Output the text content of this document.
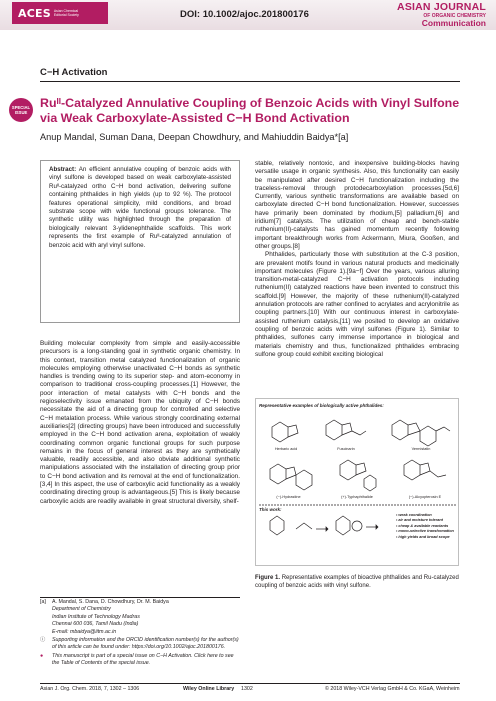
ACES Asian Chemical
Editorial Society	DOI: 10.1002/ajoc.201800176
ASIAN JOURNAL
OF ORGANIC CHEMISTRY
Communication
C−H Activation
SPECIAL
ISSUE
Ruᴵᴵ-Catalyzed Annulative Coupling of Benzoic Acids with Vinyl Sulfone via Weak Carboxylate-Assisted C−H Bond Activation
Anup Mandal, Suman Dana, Deepan Chowdhury, and Mahiuddin Baidya*[a]
Abstract: An efficient annulative coupling of benzoic acids with vinyl sulfone is developed based on weak carboxylate-assisted Ruᴵᴵ-catalyzed ortho C−H bond activation, delivering sulfone containing phthalides in high yields (up to 92 %). The protocol features operational simplicity, mild conditions, and broad substrate scope with wide functional groups tolerance. The synthetic utility was highlighted through the preparation of biologically relevant 3-ylidenephthalide scaffolds. This work represents the first example of Ruᴵᴵ-catalyzed annulation of benzoic acid with aryl vinyl sulfone.
Building molecular complexity from simple and easily-accessible precursors is a long-standing goal in synthetic organic chemistry. In this context, transition metal catalyzed functionalization of organic molecules employing otherwise unactivated C−H bonds as synthetic handles is trending owing to its superior step- and atom-economy in comparison to traditional cross-coupling processes.[1] However, the poor interaction of metal catalysts with C−H bonds and the regioselectivity issue emanated from the ubiquity of C−H bonds necessitate the aid of a directing group for controlled and selective C−H metalation process. While various strongly coordinating external auxiliaries[2] (directing groups) have been introduced and successfully employed in the C−H bond activation arena, exploitation of weakly coordinating common organic functional groups for such purpose remains in the focus of general interest as they are synthetically valuable, readily accessible, and also obviate additional synthetic manipulations associated with the installation of directing group prior to C−H bond activation and its removal at the end of functionalization.[3,4] In this aspect, the use of carboxylic acid functionality as a weakly coordinating directing group is advantageous.[5] This is likely because carboxylic acids are readily available in great structural diversity, shelf-

stable, relatively nontoxic, and inexpensive building-blocks having versatile usage in organic synthesis. Also, this functionality can easily be manipulated after desired C−H functionalization including the traceless-removal through protodecarboxylation processes.[5d,6] Currently, various synthetic transformations are available based on carboxylate directed C−H bond functionalization. However, successes have primarily been dominated by rhodium,[5] palladium,[6] and iridium[7] catalysts. The utilization of cheap and bench-stable ruthenium(II)-catalysts has gained momentum recently following important breakthrough works from Ackermann, Miura, Gooßen, and other groups.[8]

Phthalides, particularly those with substitution at the C-3 position, are prevalent motifs found in various natural products and medicinally important molecules (Figure 1).[9a−f] Over the years, various alluring transition-metal-catalyzed C−H activation protocols including ruthenium(II) catalyzed reactions have been invented to construct this scaffold.[9] However, the majority of these ruthenium(II)-catalyzed annulation protocols are rather confined to acrylates and acrylonitrile as coupling partners.[10] With our continuous interest in carboxylate-assisted ruthenium catalysis,[11] we posited to develop an oxidative coupling of benzoic acids with vinyl sulfones (Figure 1). Similar to phthalides, sulfones carry immense importance in biological and materials chemistry and thus, functionalized phthalides embracing sulfone group could exhibit exciting biological

Representative examples of biologically active phthalides:
Herbaric acid	Fuscinarin	Vermistatin
(−)-Hydrastine	(+)-Typhaphthalide	(−)-Alcyopterosin E
This work:
• weak coordination
• air and moisture tolerant
• cheap & available reactants
• mono-selective transformation
• high yields and broad scope
Figure 1. Representative examples of bioactive phthalides and Ru-catalyzed coupling of benzoic acids with vinyl sulfone.
[a]	A. Mandal, S. Dana, D. Chowdhury, Dr. M. Baidya
Department of Chemistry
Indian Institute of Technology Madras
Chennai 600 036, Tamil Nadu (India)
E-mail: mbaidya@iitm.ac.in
ⓘ	Supporting information and the ORCID identification number(s) for the author(s) of this article can be found under: https://doi.org/10.1002/ajoc.201800176.
●	This manuscript is part of a special issue on C−H Activation. Click here to see the Table of Contents of the special issue.
Asian J. Org. Chem. 2018, 7, 1302 – 1306	Wiley Online Library 1302	© 2018 Wiley-VCH Verlag GmbH & Co. KGaA, Weinheim
